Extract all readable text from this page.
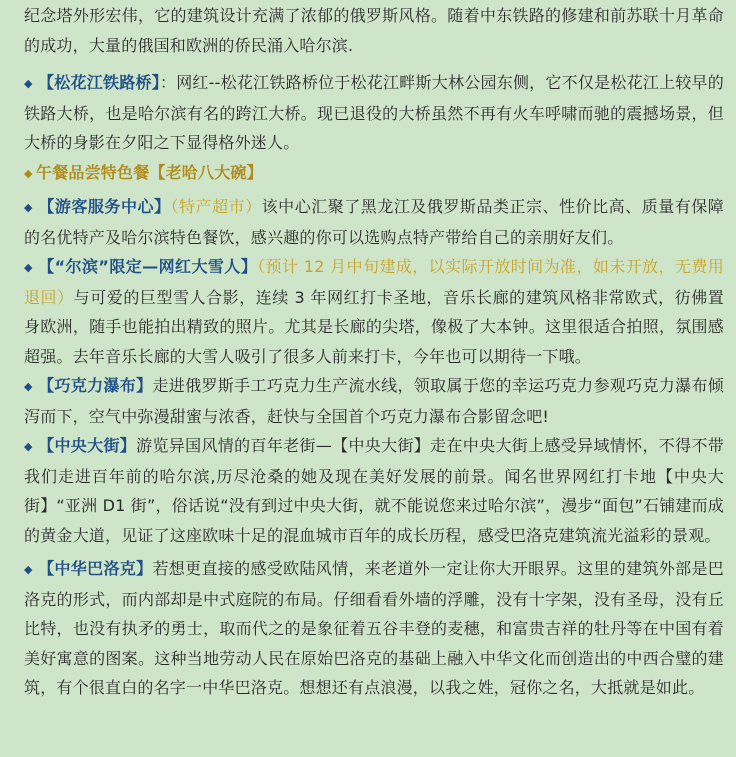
纪念塔外形宏伟，它的建筑设计充满了浓郁的俄罗斯风格。随着中东铁路的修建和前苏联十月革命的成功，大量的俄国和欧洲的侨民涌入哈尔滨.

◆ 【松花江铁路桥】：网红--松花江铁路桥位于松花江畔斯大林公园东侧，它不仅是松花江上较早的铁路大桥，也是哈尔滨有名的跨江大桥。现已退役的大桥虽然不再有火车呼啸而驰的震撼场景，但大桥的身影在夕阳之下显得格外迷人。

◆ 午餐品尝特色餐【老哈八大碗】

◆ 【游客服务中心】（特产超市）该中心汇聚了黑龙江及俄罗斯品类正宗、性价比高、质量有保障的名优特产及哈尔滨特色餐饮，感兴趣的你可以选购点特产带给自己的亲朋好友们。

◆ 【“尔滨”限定—网红大雪人】（预计 12 月中旬建成，以实际开放时间为准，如未开放，无费用退回）与可爱的巨型雪人合影，连续 3 年网红打卡圣地，音乐长廊的建筑风格非常欧式，彷佛置身欧洲，随手也能拍出精致的照片。尤其是长廊的尖塔，像极了大本钟。这里很适合拍照，氛围感超强。去年音乐长廊的大雪人吸引了很多人前来打卡，今年也可以期待一下哦。

◆ 【巧克力瀑布】走进俄罗斯手工巧克力生产流水线，领取属于您的幸运巧克力参观巧克力瀑布倾泻而下，空气中弥漫甜蜜与浓香，赶快与全国首个巧克力瀑布合影留念吧!

◆ 【中央大街】游览异国风情的百年老街—【中央大街】走在中央大街上感受异域情怀，不得不带我们走进百年前的哈尔滨,历尽沧桑的她及现在美好发展的前景。闻名世界网红打卡地【中央大街】“亚洲 D1 街”，俗话说“没有到过中央大街，就不能说您来过哈尔滨”，漫步“面包”石铺建而成的黄金大道，见证了这座欧味十足的混血城市百年的成长历程，感受巴洛克建筑流光溢彩的景观。

◆ 【中华巴洛克】若想更直接的感受欧陆风情，来老道外一定让你大开眼界。这里的建筑外部是巴洛克的形式，而内部却是中式庭院的布局。仔细看看外墙的浮雕，没有十字架，没有圣母，没有丘比特，也没有执矛的勇士，取而代之的是象征着五谷丰登的麦穗，和富贵吉祥的牡丹等在中国有着美好寓意的图案。这种当地劳动人民在原始巴洛克的基础上融入中华文化而创造出的中西合璧的建筑，有个很直白的名字一中华巴洛克。想想还有点浪漫，以我之姓，冠你之名，大抵就是如此。
